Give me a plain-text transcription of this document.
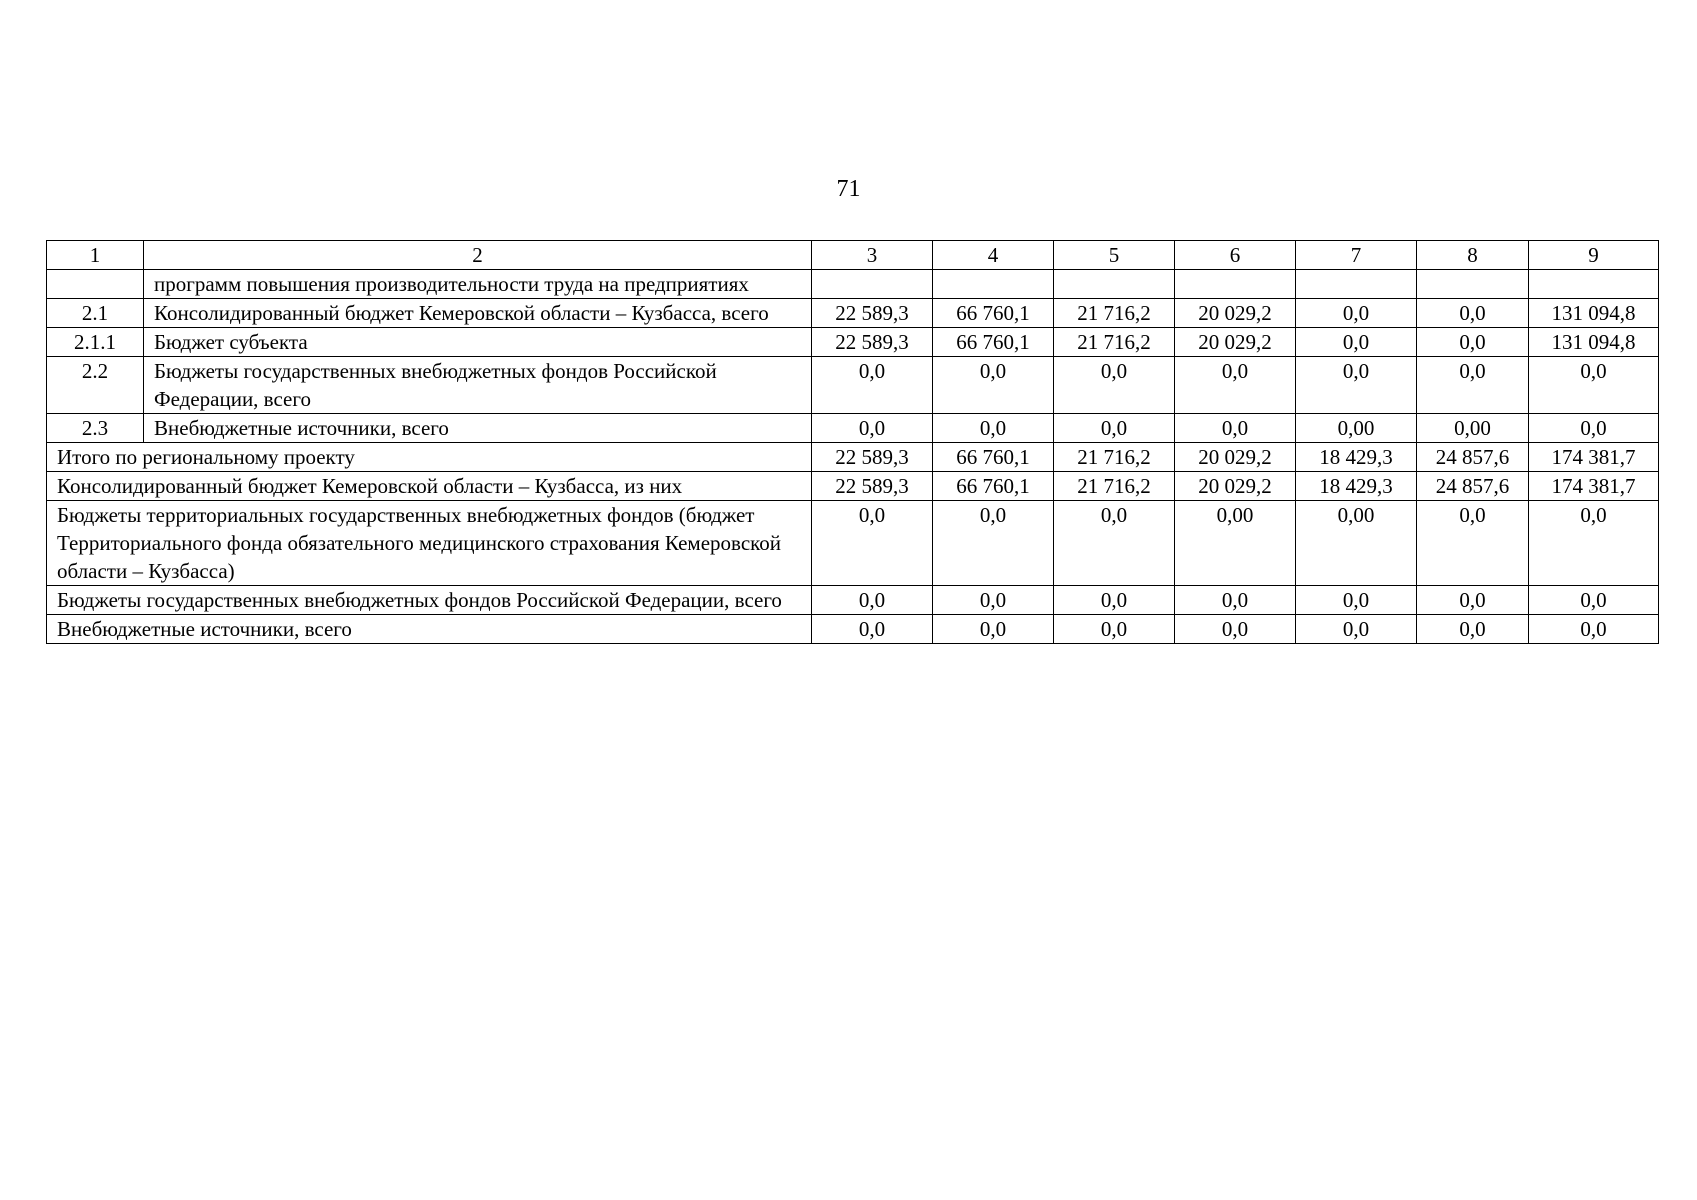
71
1	2	3	4	5	6	7	8	9
	программ повышения производительности труда на предприятиях							
2.1	Консолидированный бюджет Кемеровской области – Кузбасса, всего	22 589,3	66 760,1	21 716,2	20 029,2	0,0	0,0	131 094,8
2.1.1	Бюджет субъекта	22 589,3	66 760,1	21 716,2	20 029,2	0,0	0,0	131 094,8
2.2	Бюджеты государственных внебюджетных фондов Российской Федерации, всего	0,0	0,0	0,0	0,0	0,0	0,0	0,0
2.3	Внебюджетные источники, всего	0,0	0,0	0,0	0,0	0,00	0,00	0,0
Итого по региональному проекту		22 589,3	66 760,1	21 716,2	20 029,2	18 429,3	24 857,6	174 381,7
Консолидированный бюджет Кемеровской области – Кузбасса, из них		22 589,3	66 760,1	21 716,2	20 029,2	18 429,3	24 857,6	174 381,7
Бюджеты территориальных государственных внебюджетных фондов (бюджет Территориального фонда обязательного медицинского страхования Кемеровской области – Кузбасса)		0,0	0,0	0,0	0,00	0,00	0,0	0,0
Бюджеты государственных внебюджетных фондов Российской Федерации, всего		0,0	0,0	0,0	0,0	0,0	0,0	0,0
Внебюджетные источники, всего		0,0	0,0	0,0	0,0	0,0	0,0	0,0
